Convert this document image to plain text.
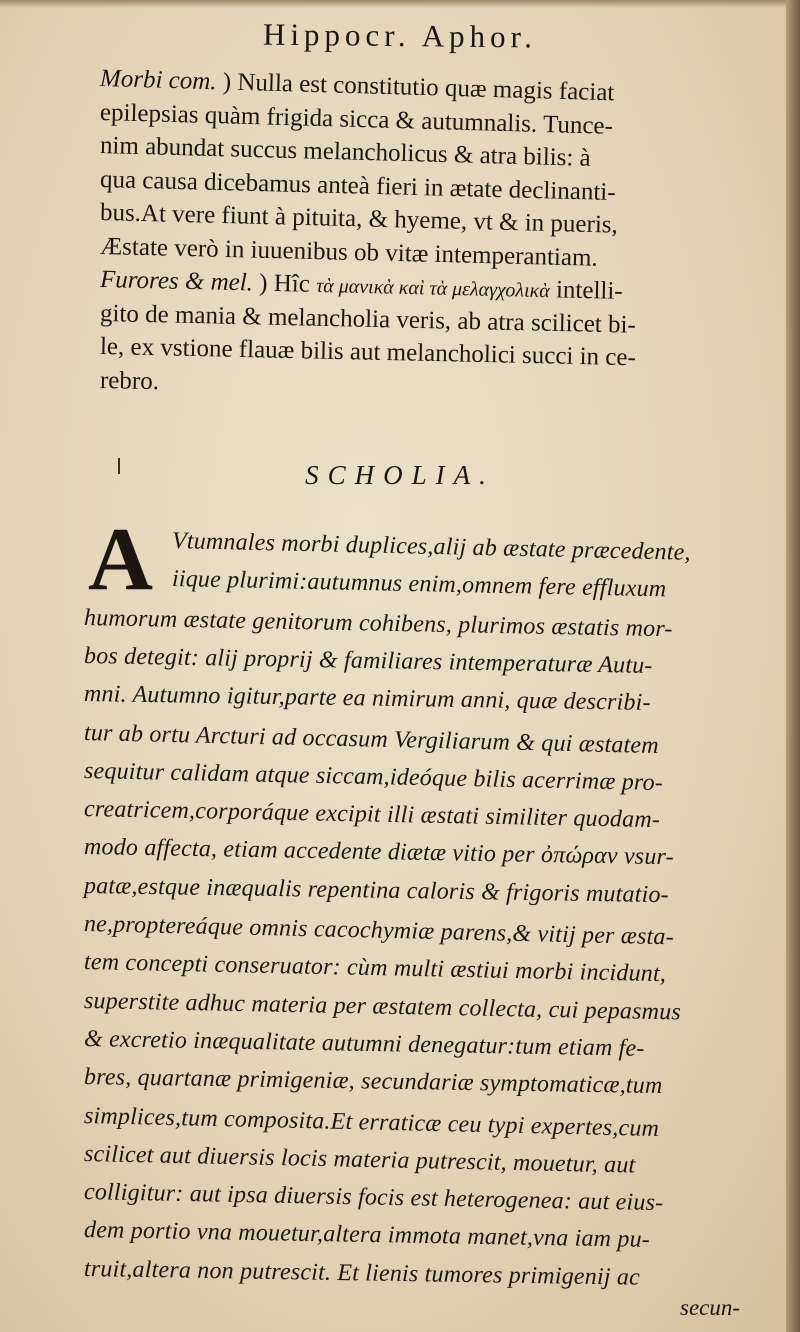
Hippocr. Aphor.
Morbi com. ) Nulla est constitutio quæ magis faciat
epilepsias quàm frigida sicca & autumnalis. Tunce-
nim abundat succus melancholicus & atra bilis: à
qua causa dicebamus anteà fieri in ætate declinanti-
bus.At vere fiunt à pituita, & hyeme, vt & in pueris,
Æstate verò in iuuenibus ob vitæ intemperantiam.
Furores & mel. ) Hîc τὰ μανικὰ καὶ τὰ μελαγχολικὰ intelli-
gito de mania & melancholia veris, ab atra scilicet bi-
le, ex vstione flauæ bilis aut melancholici succi in ce-
rebro.
SCHOLIA.
A Vtumnales morbi duplices,alij ab æstate præcedente,
iique plurimi:autumnus enim,omnem fere effluxum
humorum æstate genitorum cohibens, plurimos æstatis mor-
bos detegit: alij proprij & familiares intemperaturæ Autu-
mni. Autumno igitur,parte ea nimirum anni, quæ describi-
tur ab ortu Arcturi ad occasum Vergiliarum & qui æstatem
sequitur calidam atque siccam,ideóque bilis acerrimæ pro-
creatricem,corporáque excipit illi æstati similiter quodam-
modo affecta, etiam accedente diætæ vitio per ὀπώραν vsur-
patæ,estque inæqualis repentina caloris & frigoris mutatio-
ne,proptereáque omnis cacochymiæ parens,& vitij per æsta-
tem concepti conseruator: cùm multi æstiui morbi incidunt,
superstite adhuc materia per æstatem collecta, cui pepasmus
& excretio inæqualitate autumni denegatur:tum etiam fe-
bres, quartanæ primigeniæ, secundariæ symptomaticæ,tum
simplices,tum composita.Et erraticæ ceu typi expertes,cum
scilicet aut diuersis locis materia putrescit, mouetur, aut
colligitur: aut ipsa diuersis focis est heterogenea: aut eius-
dem portio vna mouetur,altera immota manet,vna iam pu-
truit,altera non putrescit. Et lienis tumores primigenij ac
secun-
